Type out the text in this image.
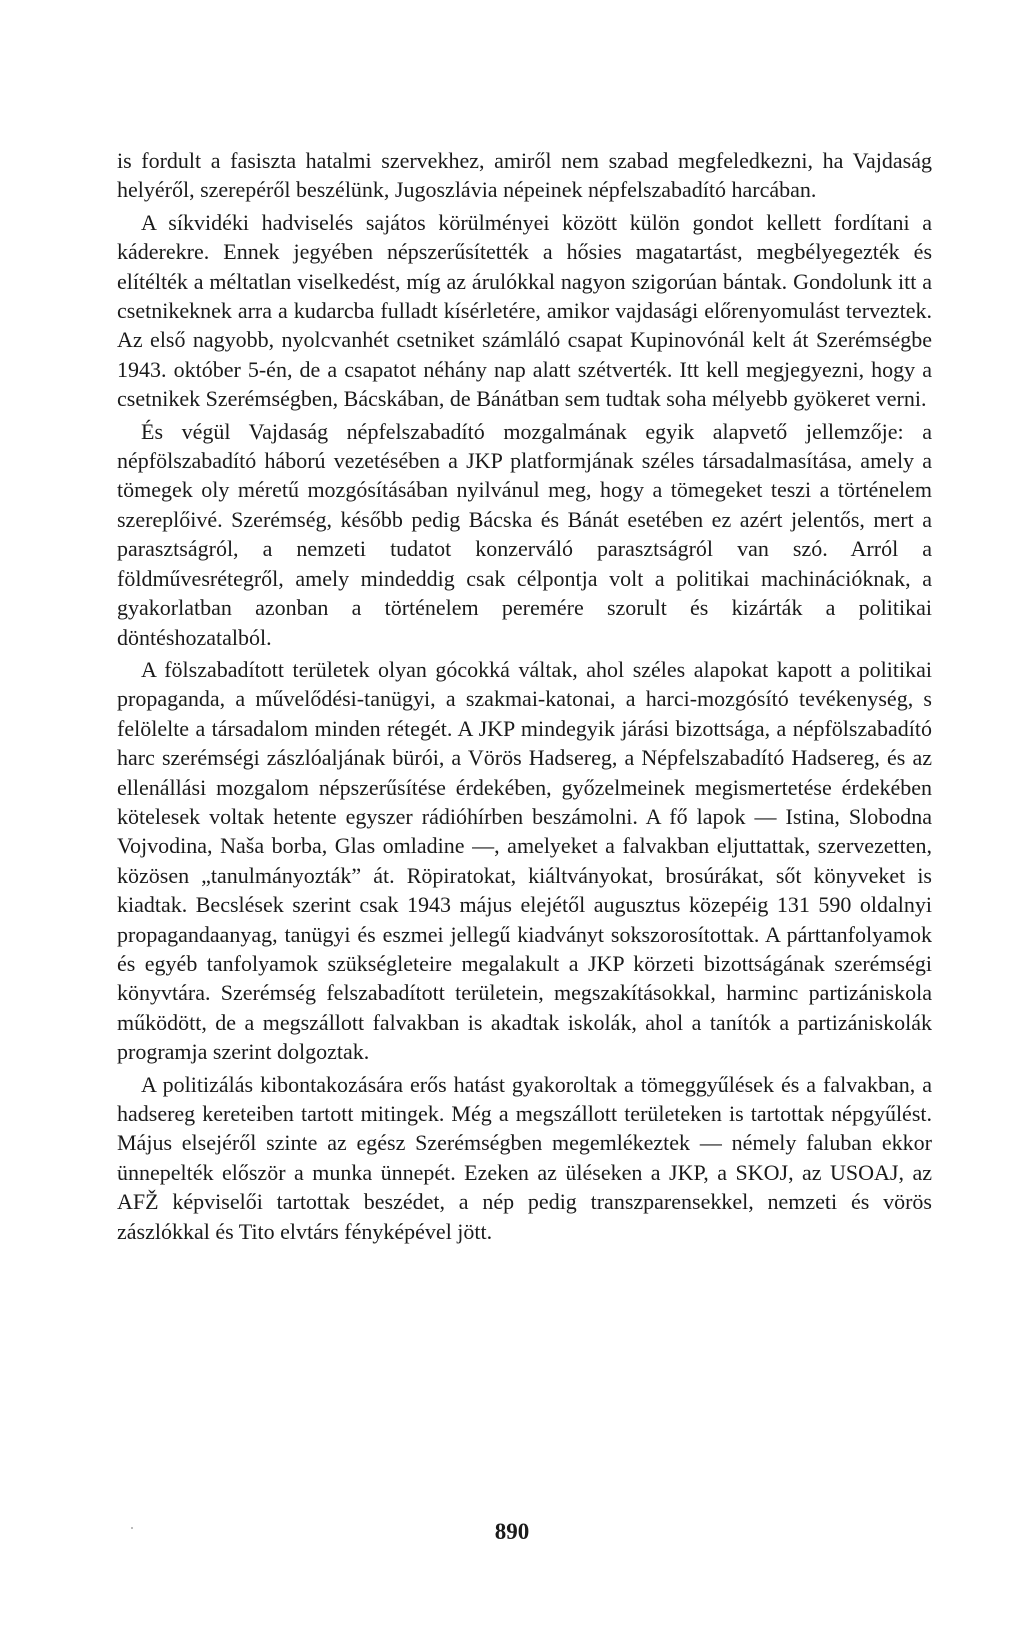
is fordult a fasiszta hatalmi szervekhez, amiről nem szabad megfeledkezni, ha Vajdaság helyéről, szerepéről beszélünk, Jugoszlávia népeinek népfelszabadító harcában.

A síkvidéki hadviselés sajátos körülményei között külön gondot kellett fordítani a káderekre. Ennek jegyében népszerűsítették a hősies magatartást, megbélyegezték és elítélték a méltatlan viselkedést, míg az árulókkal nagyon szigorúan bántak. Gondolunk itt a csetnikeknek arra a kudarcba fulladt kísérletére, amikor vajdasági előrenyomulást terveztek. Az első nagyobb, nyolcvanhét csetniket számláló csapat Kupinovónál kelt át Szerémségbe 1943. október 5-én, de a csapatot néhány nap alatt szétverték. Itt kell megjegyezni, hogy a csetnikek Szerémségben, Bácskában, de Bánátban sem tudtak soha mélyebb gyökeret verni.

És végül Vajdaság népfelszabadító mozgalmának egyik alapvető jellemzője: a népfölszabadító háború vezetésében a JKP platformjának széles társadalmasítása, amely a tömegek oly méretű mozgósításában nyilvánul meg, hogy a tömegeket teszi a történelem szereplőivé. Szerémség, később pedig Bácska és Bánát esetében ez azért jelentős, mert a parasztságról, a nemzeti tudatot konzerváló parasztságról van szó. Arról a földművesrétegről, amely mindeddig csak célpontja volt a politikai machinációknak, a gyakorlatban azonban a történelem peremére szorult és kizárták a politikai döntéshozatalból.

A fölszabadított területek olyan gócokká váltak, ahol széles alapokat kapott a politikai propaganda, a művelődési-tanügyi, a szakmai-katonai, a harci-mozgósító tevékenység, s felölelte a társadalom minden rétegét. A JKP mindegyik járási bizottsága, a népfölszabadító harc szerémségi zászlóaljának bürói, a Vörös Hadsereg, a Népfelszabadító Hadsereg, és az ellenállási mozgalom népszerűsítése érdekében, győzelmeinek megismertetése érdekében kötelesek voltak hetente egyszer rádióhírben beszámolni. A fő lapok — Istina, Slobodna Vojvodina, Naša borba, Glas omladine —, amelyeket a falvakban eljuttattak, szervezetten, közösen „tanulmányozták” át. Röpiratokat, kiáltványokat, brosúrákat, sőt könyveket is kiadtak. Becslések szerint csak 1943 május elejétől augusztus közepéig 131 590 oldalnyi propagandaanyag, tanügyi és eszmei jellegű kiadványt sokszorosítottak. A párttanfolyamok és egyéb tanfolyamok szükségleteire megalakult a JKP körzeti bizottságának szerémségi könyvtára. Szerémség felszabadított területein, megszakításokkal, harminc partizániskola működött, de a megszállott falvakban is akadtak iskolák, ahol a tanítók a partizániskolák programja szerint dolgoztak.

A politizálás kibontakozására erős hatást gyakoroltak a tömeggyűlések és a falvakban, a hadsereg kereteiben tartott mitingek. Még a megszállott területeken is tartottak népgyűlést. Május elsejéről szinte az egész Szerémségben megemlékeztek — némely faluban ekkor ünnepelték először a munka ünnepét. Ezeken az üléseken a JKP, a SKOJ, az USOAJ, az AFŽ képviselői tartottak beszédet, a nép pedig transzparensekkel, nemzeti és vörös zászlókkal és Tito elvtárs fényképével jött.

890
